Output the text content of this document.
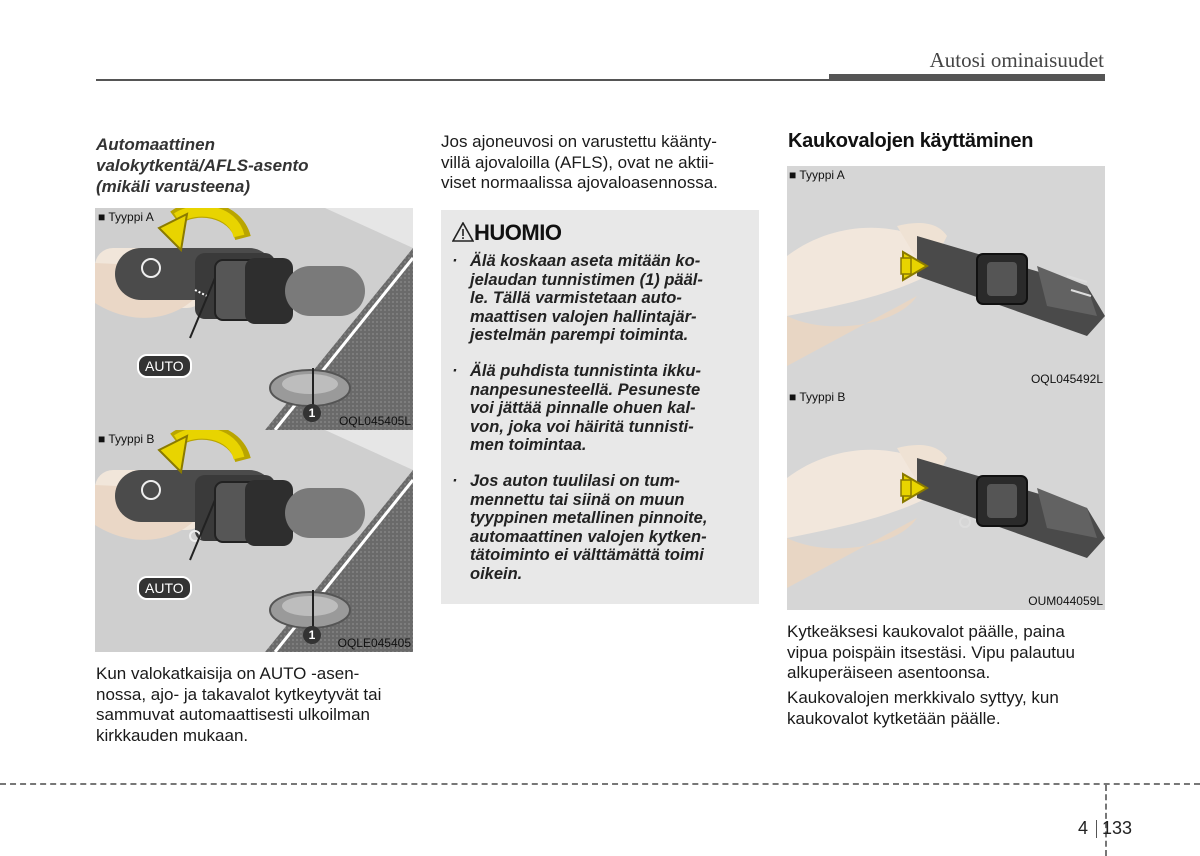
Autosi ominaisuudet
Automaattinen
valokytkentä/AFLS-asento
(mikäli varusteena)
■ Tyyppi A
AUTO
1
OQL045405L
■ Tyyppi B
AUTO
1
OQLE045405
Kun valokatkaisija on AUTO -asen-
nossa, ajo- ja takavalot kytkeytyvät tai
sammuvat automaattisesti ulkoilman
kirkkauden mukaan.
Jos ajoneuvosi on varustettu käänty-
villä ajovaloilla (AFLS), ovat ne aktii-
viset normaalissa ajovaloasennossa.
HUOMIO
· Älä koskaan aseta mitään ko-
jelaudan tunnistimen (1) pääl-
le. Tällä varmistetaan auto-
maattisen valojen hallintajär-
jestelmän parempi toiminta.
· Älä puhdista tunnistinta ikku-
nanpesunesteellä. Pesuneste
voi jättää pinnalle ohuen kal-
von, joka voi häiritä tunnisti-
men toimintaa.
· Jos auton tuulilasi on tum-
mennettu tai siinä on muun
tyyppinen metallinen pinnoite,
automaattinen valojen kytken-
tätoiminto ei välttämättä toimi
oikein.
Kaukovalojen käyttäminen
■ Tyyppi A
OQL045492L
■ Tyyppi B
OUM044059L
Kytkeäksesi kaukovalot päälle, paina
vipua poispäin itsestäsi. Vipu palautuu
alkuperäiseen asentoonsa.
Kaukovalojen merkkivalo syttyy, kun
kaukovalot kytketään päälle.
4 133
